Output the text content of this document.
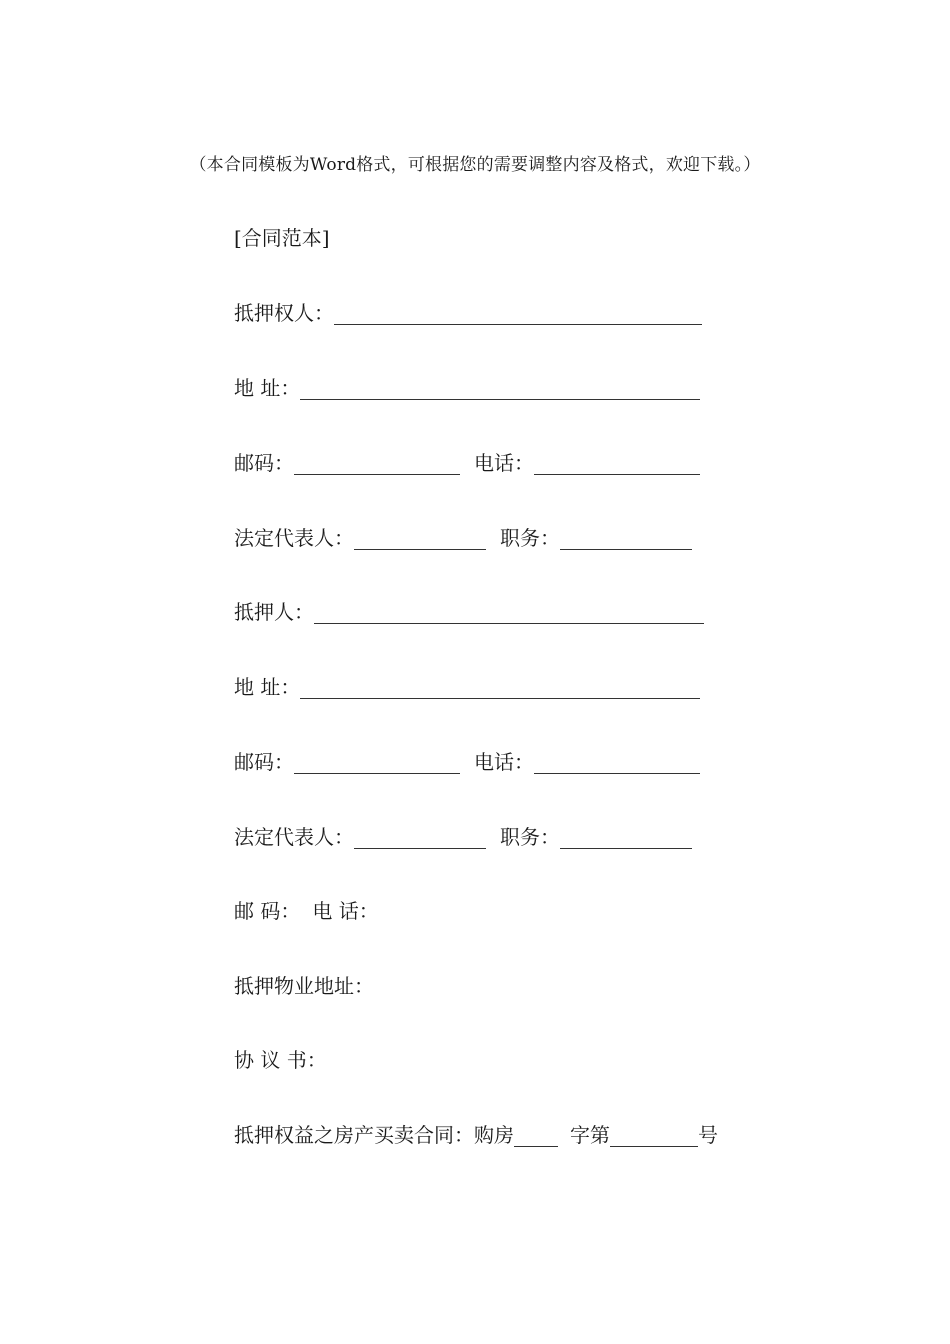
（本合同模板为Word格式，可根据您的需要调整内容及格式，欢迎下载。）
[合同范本]
抵押权人：
地 址：
邮码：	电话：
法定代表人：	职务：
抵押人：
地 址：
邮码：	电话：
法定代表人：	职务：
邮 码： 电 话：
抵押物业地址：
协 议 书：
抵押权益之房产买卖合同：购房	字第	号
